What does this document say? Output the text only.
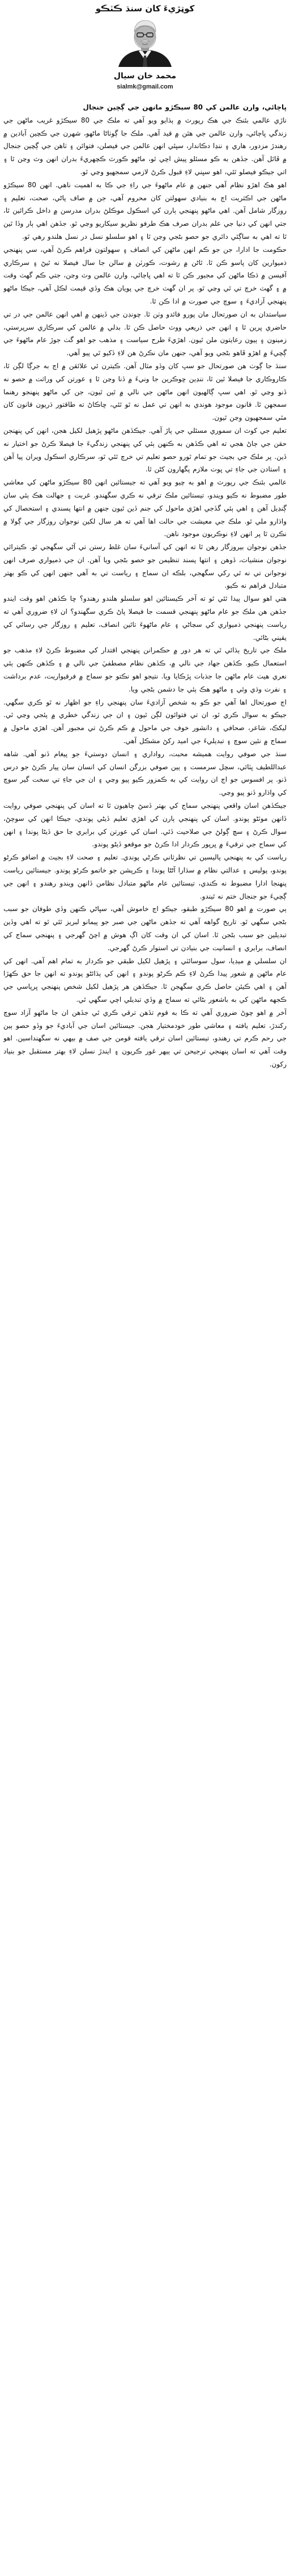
کوټڙيءَ کان سنڌ ڪٽڪو
محمد خان سيال
sialmk@gmail.com

ڀاڄائي، وارن عالمن کي 80 سيڪڙو مانهن جي ڳچين جنجال

ناڙي عالمي بئنڪ جي هڪ رپورٽ ۾ ٻڌايو ويو آهي ته ملڪ جي 80 سيڪڙو غريب ماڻهن جي زندگي ڀاڄائي، وارن عالمن جي هٿن ۾ قيد آهي. ملڪ جا ڳوٺاڻا ماڻهو، شهرن جي ڪچين آبادين ۾ رهندڙ مزدور، هاري ۽ ننڍا دڪاندار، سڀئي انهن عالمن جي فيصلن، فتوائن ۽ ٺاهن جي ڳچين جنجال ۾ ڦاٿل آهن. جڏهن به ڪو مسئلو پيش اچي ٿو، ماڻهو ڪورٽ ڪچهريءَ بدران انهن وٽ وڃن ٿا ۽ اتي جيڪو فيصلو ٿئي، اهو سڀني لاءِ قبول ڪرڻ لازمي سمجهيو وڃي ٿو.

اهو هڪ اهڙو نظام آهي جنهن ۾ عام ماڻهوءَ جي راءِ جي ڪا به اهميت ناهي. انهن 80 سيڪڙو ماڻهن جي اڪثريت اڄ به بنيادي سهولتن کان محروم آهي، جن ۾ صاف پاڻي، صحت، تعليم ۽ روزگار شامل آهن. اهي ماڻهو پنهنجي ٻارن کي اسڪول موڪلڻ بدران مدرسن ۾ داخل ڪرائين ٿا، جتي انهن کي دنيا جي علم بدران صرف هڪ طرفو نظريو سيکاريو وڃي ٿو. جڏهن اهي ٻار وڏا ٿين ٿا ته اهي به ساڳئي دائري جو حصو بڻجي وڃن ٿا ۽ اهو سلسلو نسل در نسل هلندو رهي ٿو.

حڪومت جا ادارا، جن جو ڪم انهن ماڻهن کي انصاف ۽ سهولتون فراهم ڪرڻ آهي، سي پنهنجي ذميوارين کان پاسو ڪن ٿا. ٿاڻن ۾ رشوت، ڪورٽن ۾ سالن جا سال فيصلا نه ٿيڻ ۽ سرڪاري آفيسن ۾ ڌڪا ماڻهن کي مجبور ڪن ٿا ته اهي ڀاڄائي، وارن عالمن وٽ وڃن، جتي ڪم گهٽ وقت ۾ ۽ گهٽ خرچ تي ٿي وڃي ٿو. پر ان گهٽ خرچ جي پويان هڪ وڏي قيمت لڪل آهي، جيڪا ماڻهو پنهنجي آزاديءَ ۽ سوچ جي صورت ۾ ادا ڪن ٿا.

سياستدان به ان صورتحال مان پورو فائدو وٺن ٿا. چونڊن جي ڏينهن ۾ اهي انهن عالمن جي در تي حاضري ڀرين ٿا ۽ انهن جي ذريعي ووٽ حاصل ڪن ٿا. بدلي ۾ عالمن کي سرڪاري سرپرستي، زمينون ۽ ٻيون رعايتون ملن ٿيون. اهڙيءَ طرح سياست ۽ مذهب جو اهو گٺ جوڙ عام ماڻهوءَ جي ڳچيءَ ۾ اهڙو ڦاهو بڻجي ويو آهي، جنهن مان نڪرڻ هن لاءِ ڏکيو ٿي پيو آهي.

سنڌ جا ڳوٺ هن صورتحال جو سڀ کان وڏو مثال آهن. ڪيترن ئي علائقن ۾ اڄ به جرڳا لڳن ٿا، ڪاروڪاري جا فيصلا ٿين ٿا، ننڍين ڇوڪرين جا ونيءَ ۾ ڏنا وڃن ٿا ۽ عورتن کي وراثت ۾ حصو نه ڏنو وڃي ٿو. اهي سڀ ڳالهيون انهن ماڻهن جي نالي ۾ ٿين ٿيون، جن کي ماڻهو پنهنجو رهنما سمجهن ٿا. قانون موجود هوندي به انهن تي عمل نه ٿو ٿئي، ڇاڪاڻ ته طاقتور ڌريون قانون کان مٿي سمجهيون وڃن ٿيون.

تعليم جي کوٽ ان سموري مسئلي جي پاڙ آهي. جيڪڏهن ماڻهو پڙهيل لکيل هجن، انهن کي پنهنجن حقن جي ڄاڻ هجي ته اهي ڪڏهن به ڪنهن ٻئي کي پنهنجي زندگيءَ جا فيصلا ڪرڻ جو اختيار نه ڏين. پر ملڪ جي بجيٽ جو تمام ٿورو حصو تعليم تي خرچ ٿئي ٿو، سرڪاري اسڪول ويران پيا آهن ۽ استادن جي جاءِ تي ڀوت ملازم پگهارون کڻن ٿا.

عالمي بئنڪ جي رپورٽ ۾ اهو به چيو ويو آهي ته جيستائين انهن 80 سيڪڙو ماڻهن کي معاشي طور مضبوط نه ڪيو ويندو، تيستائين ملڪ ترقي نه ڪري سگهندو. غربت ۽ جهالت هڪ ٻئي سان ڳنڍيل آهن ۽ اهي ٻئي گڏجي اهڙي ماحول کي جنم ڏين ٿيون جنهن ۾ انتها پسندي ۽ استحصال کي واڌارو ملي ٿو. ملڪ جي معيشت جي حالت اها آهي ته هر سال لکين نوجوان روزگار جي ڳولا ۾ نڪرن ٿا پر انهن لاءِ نوڪريون موجود ناهن.

جڏهن نوجوان بيروزگار رهن ٿا ته انهن کي آسانيءَ سان غلط رستن تي آڻي سگهجي ٿو. ڪيترائي نوجوان منشيات، ڏوهن ۽ انتها پسند تنظيمن جو حصو بڻجي ويا آهن. ان جي ذميواري صرف انهن نوجوانن تي نه ٿي رکي سگهجي، بلڪه ان سماج ۽ رياست تي به آهي جنهن انهن کي ڪو بهتر متبادل فراهم نه ڪيو.

هتي اهو سوال پيدا ٿئي ٿو ته آخر ڪيستائين اهو سلسلو هلندو رهندو؟ ڇا ڪڏهن اهو وقت ايندو جڏهن هن ملڪ جو عام ماڻهو پنهنجي قسمت جا فيصلا پاڻ ڪري سگهندو؟ ان لاءِ ضروري آهي ته رياست پنهنجي ذميواري کي سڃاڻي ۽ عام ماڻهوءَ تائين انصاف، تعليم ۽ روزگار جي رسائي کي يقيني بڻائي.

ملڪ جي تاريخ ٻڌائي ٿي ته هر دور ۾ حڪمرانن پنهنجي اقتدار کي مضبوط ڪرڻ لاءِ مذهب جو استعمال ڪيو. ڪڏهن جهاد جي نالي ۾، ڪڏهن نظام مصطفيٰ جي نالي ۾ ۽ ڪڏهن ڪنهن ٻئي نعري هيٺ عام ماڻهن جا جذبات ڀڙڪايا ويا. نتيجو اهو نڪتو جو سماج ۾ فرقيواريت، عدم برداشت ۽ نفرت وڌي وئي ۽ ماڻهو هڪ ٻئي جا دشمن بڻجي ويا.

اڄ صورتحال اها آهي جو ڪو به شخص آزاديءَ سان پنهنجي راءِ جو اظهار نه ٿو ڪري سگهي. جيڪو به سوال ڪري ٿو، ان تي فتوائون لڳن ٿيون ۽ ان جي زندگي خطري ۾ پئجي وڃي ٿي. ليکڪ، شاعر، صحافي ۽ دانشور خوف جي ماحول ۾ ڪم ڪرڻ تي مجبور آهن. اهڙي ماحول ۾ سماج ۾ نئين سوچ ۽ تبديليءَ جي اميد رکڻ مشڪل آهي.

سنڌ جي صوفي روايت هميشه محبت، رواداري ۽ انسان دوستيءَ جو پيغام ڏنو آهي. شاهه عبداللطيف ڀٽائي، سچل سرمست ۽ ٻين صوفي بزرگن انسان کي انسان سان پيار ڪرڻ جو درس ڏنو. پر افسوس جو اڄ ان روايت کي به ڪمزور ڪيو پيو وڃي ۽ ان جي جاءِ تي سخت گير سوچ کي واڌارو ڏنو پيو وڃي.

جيڪڏهن اسان واقعي پنهنجي سماج کي بهتر ڏسڻ چاهيون ٿا ته اسان کي پنهنجي صوفي روايت ڏانهن موٽڻو پوندو. اسان کي پنهنجي ٻارن کي اهڙي تعليم ڏيڻي پوندي، جيڪا انهن کي سوچڻ، سوال ڪرڻ ۽ سچ ڳولڻ جي صلاحيت ڏئي. اسان کي عورتن کي برابري جا حق ڏيڻا پوندا ۽ انهن کي سماج جي ترقيءَ ۾ ڀرپور ڪردار ادا ڪرڻ جو موقعو ڏيڻو پوندو.

رياست کي به پنهنجي پاليسين تي نظرثاني ڪرڻي پوندي. تعليم ۽ صحت لاءِ بجيٽ ۾ اضافو ڪرڻو پوندو، پوليس ۽ عدالتي نظام ۾ سڌارا آڻڻا پوندا ۽ ڪرپشن جو خاتمو ڪرڻو پوندو. جيستائين رياست پنهنجا ادارا مضبوط نه ڪندي، تيستائين عام ماڻهو متبادل نظامن ڏانهن ويندو رهندو ۽ انهن جي ڳچيءَ جو جنجال ختم نه ٿيندو.

ٻي صورت ۾ اهو 80 سيڪڙو طبقو، جيڪو اڄ خاموش آهي، سڀاڻي ڪنهن وڏي طوفان جو سبب بڻجي سگهي ٿو. تاريخ گواهه آهي ته جڏهن ماڻهن جي صبر جو پيمانو لبريز ٿئي ٿو ته اهي وڏين تبديلين جو سبب بڻجن ٿا. اسان کي ان وقت کان اڳ هوش ۾ اچڻ گهرجي ۽ پنهنجي سماج کي انصاف، برابري ۽ انسانيت جي بنيادن تي استوار ڪرڻ گهرجي.

ان سلسلي ۾ ميڊيا، سول سوسائٽي ۽ پڙهيل لکيل طبقي جو ڪردار به تمام اهم آهي. انهن کي عام ماڻهن ۾ شعور پيدا ڪرڻ لاءِ ڪم ڪرڻو پوندو ۽ انهن کي ٻڌائڻو پوندو ته انهن جا حق ڪهڙا آهن ۽ اهي ڪيئن حاصل ڪري سگهجن ٿا. جيڪڏهن هر پڙهيل لکيل شخص پنهنجي ڀرپاسي جي ڪجهه ماڻهن کي به باشعور بڻائي ته سماج ۾ وڏي تبديلي اچي سگهي ٿي.

آخر ۾ اهو چوڻ ضروري آهي ته ڪا به قوم تڏهن ترقي ڪري ٿي جڏهن ان جا ماڻهو آزاد سوچ رکندڙ، تعليم يافته ۽ معاشي طور خودمختيار هجن. جيستائين اسان جي آباديءَ جو وڏو حصو ٻين جي رحم ڪرم تي رهندو، تيستائين اسان ترقي يافته قومن جي صف ۾ بيهي نه سگهنداسين. اهو وقت آهي ته اسان پنهنجي ترجيحن تي ٻيهر غور ڪريون ۽ ايندڙ نسلن لاءِ بهتر مستقبل جو بنياد رکون.
